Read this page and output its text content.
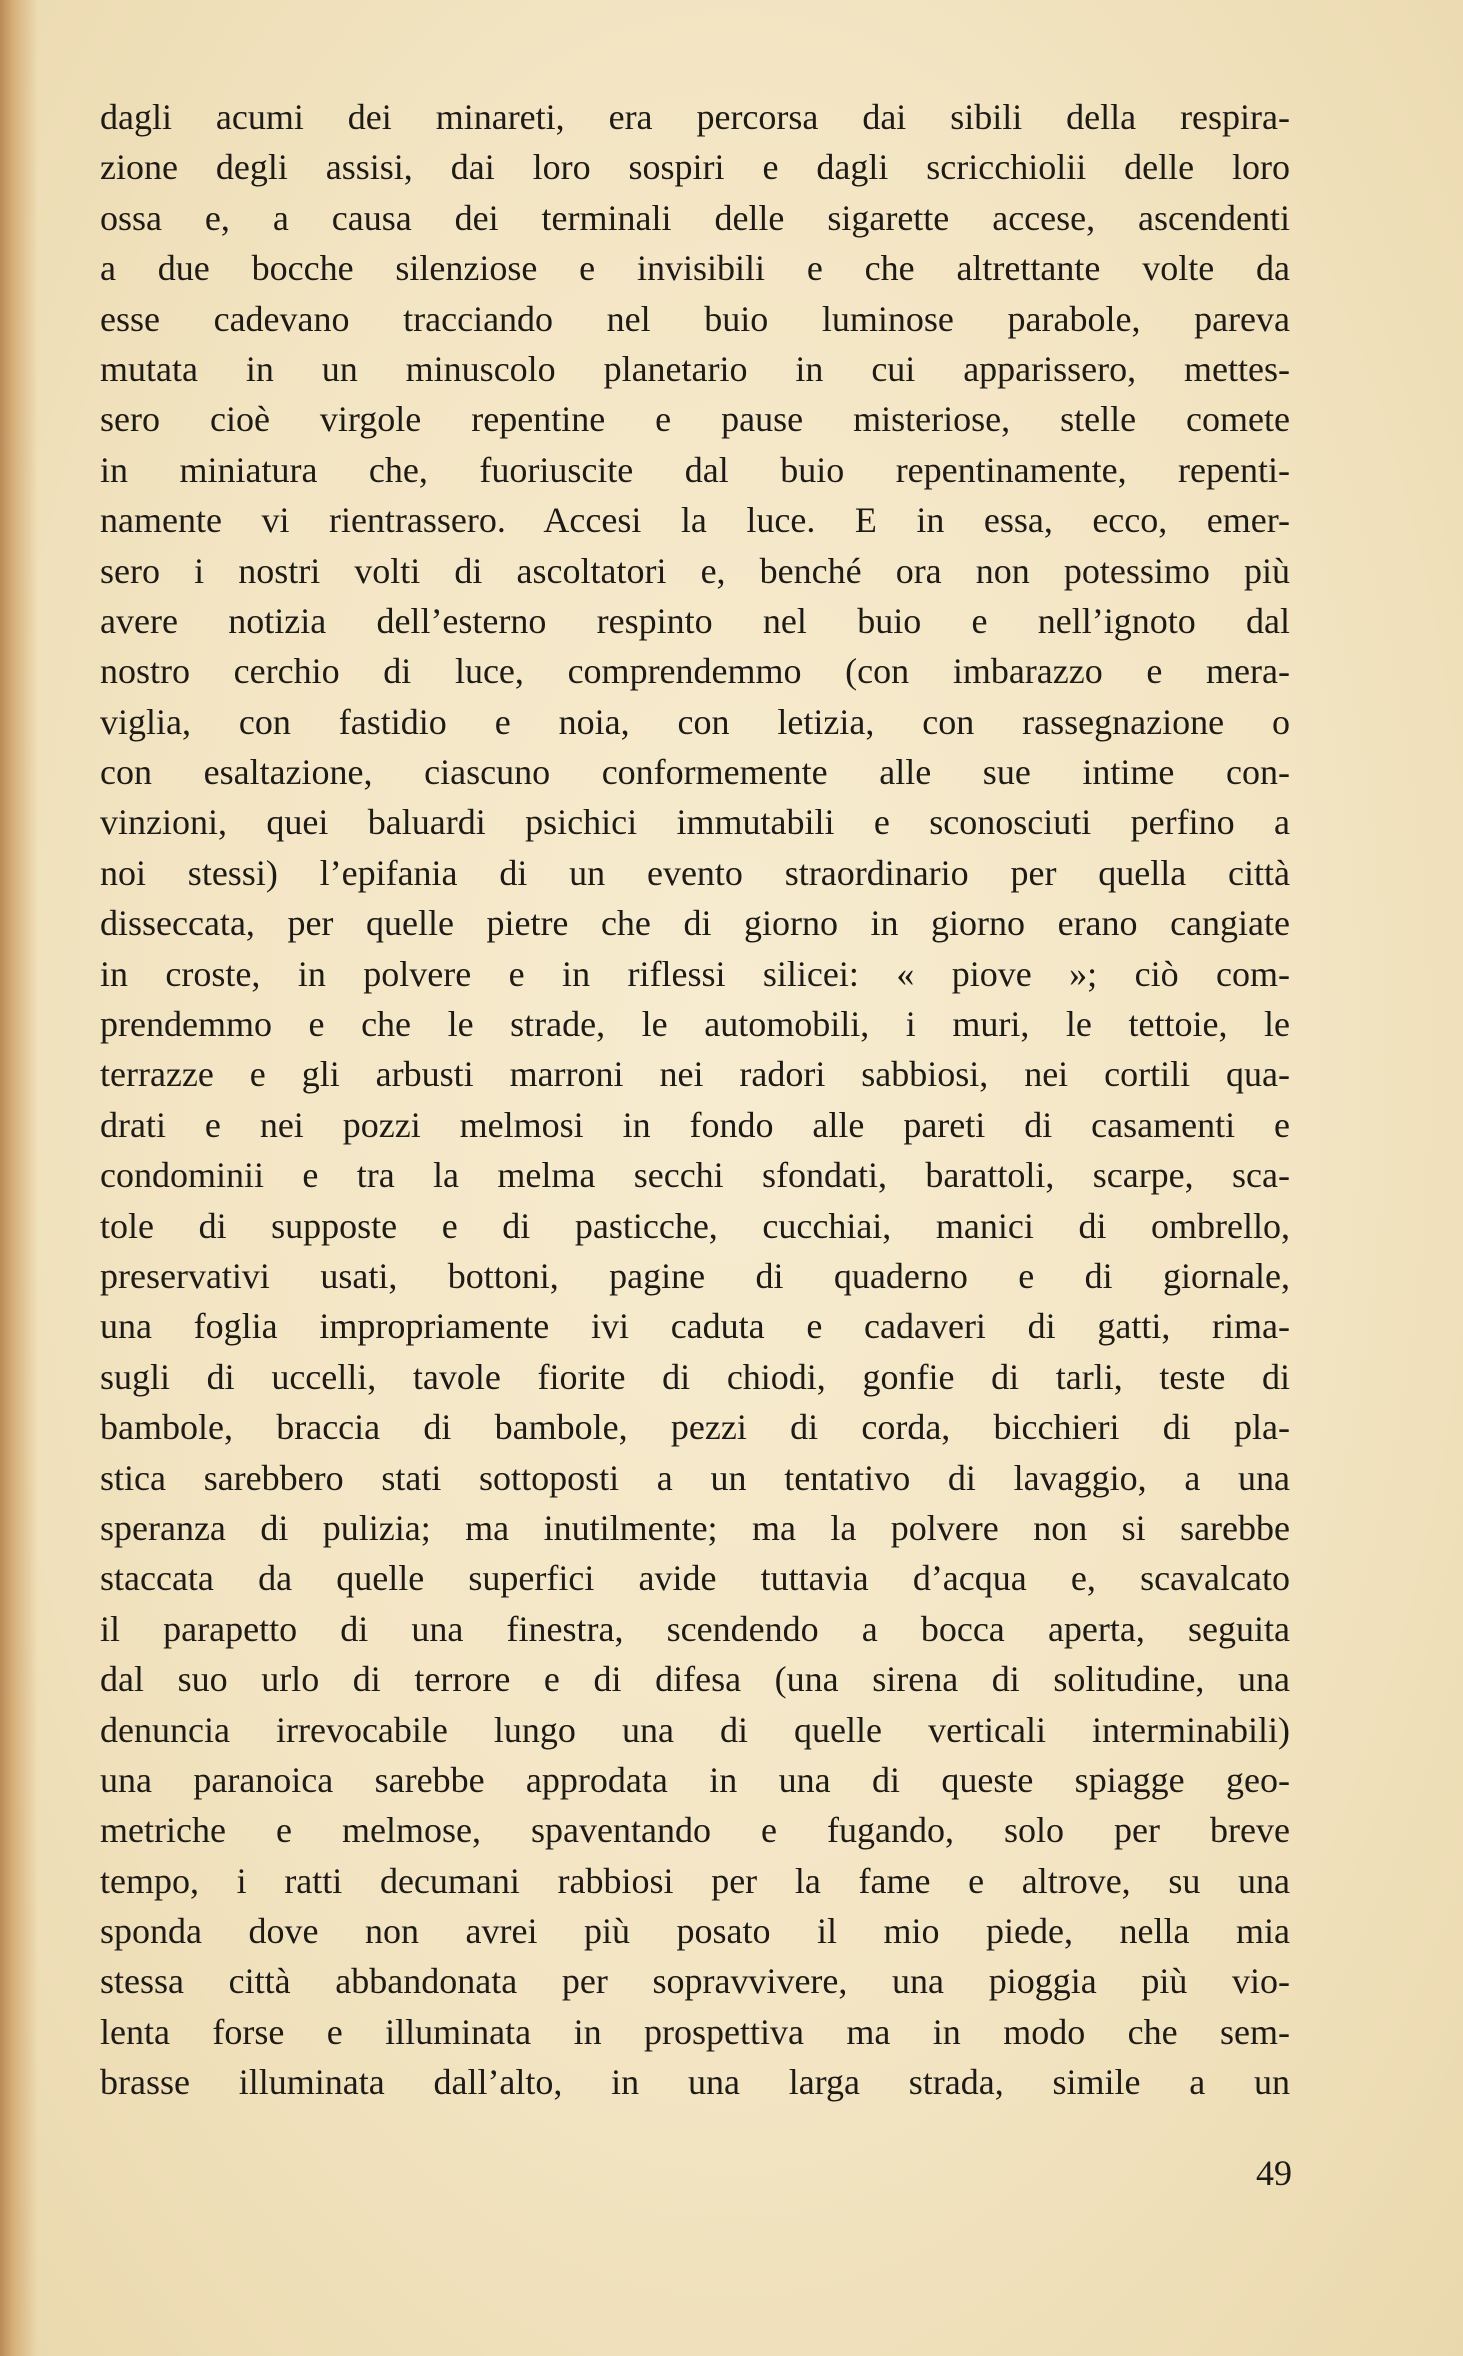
dagli acumi dei minareti, era percorsa dai sibili della respira-
zione degli assisi, dai loro sospiri e dagli scricchiolii delle loro
ossa e, a causa dei terminali delle sigarette accese, ascendenti
a due bocche silenziose e invisibili e che altrettante volte da
esse cadevano tracciando nel buio luminose parabole, pareva
mutata in un minuscolo planetario in cui apparissero, mettes-
sero cioè virgole repentine e pause misteriose, stelle comete
in miniatura che, fuoriuscite dal buio repentinamente, repenti-
namente vi rientrassero. Accesi la luce. E in essa, ecco, emer-
sero i nostri volti di ascoltatori e, benché ora non potessimo più
avere notizia dell’esterno respinto nel buio e nell’ignoto dal
nostro cerchio di luce, comprendemmo (con imbarazzo e mera-
viglia, con fastidio e noia, con letizia, con rassegnazione o
con esaltazione, ciascuno conformemente alle sue intime con-
vinzioni, quei baluardi psichici immutabili e sconosciuti perfino a
noi stessi) l’epifania di un evento straordinario per quella città
disseccata, per quelle pietre che di giorno in giorno erano cangiate
in croste, in polvere e in riflessi silicei: « piove »; ciò com-
prendemmo e che le strade, le automobili, i muri, le tettoie, le
terrazze e gli arbusti marroni nei radori sabbiosi, nei cortili qua-
drati e nei pozzi melmosi in fondo alle pareti di casamenti e
condominii e tra la melma secchi sfondati, barattoli, scarpe, sca-
tole di supposte e di pasticche, cucchiai, manici di ombrello,
preservativi usati, bottoni, pagine di quaderno e di giornale,
una foglia impropriamente ivi caduta e cadaveri di gatti, rima-
sugli di uccelli, tavole fiorite di chiodi, gonfie di tarli, teste di
bambole, braccia di bambole, pezzi di corda, bicchieri di pla-
stica sarebbero stati sottoposti a un tentativo di lavaggio, a una
speranza di pulizia; ma inutilmente; ma la polvere non si sarebbe
staccata da quelle superfici avide tuttavia d’acqua e, scavalcato
il parapetto di una finestra, scendendo a bocca aperta, seguita
dal suo urlo di terrore e di difesa (una sirena di solitudine, una
denuncia irrevocabile lungo una di quelle verticali interminabili)
una paranoica sarebbe approdata in una di queste spiagge geo-
metriche e melmose, spaventando e fugando, solo per breve
tempo, i ratti decumani rabbiosi per la fame e altrove, su una
sponda dove non avrei più posato il mio piede, nella mia
stessa città abbandonata per sopravvivere, una pioggia più vio-
lenta forse e illuminata in prospettiva ma in modo che sem-
brasse illuminata dall’alto, in una larga strada, simile a un
49
